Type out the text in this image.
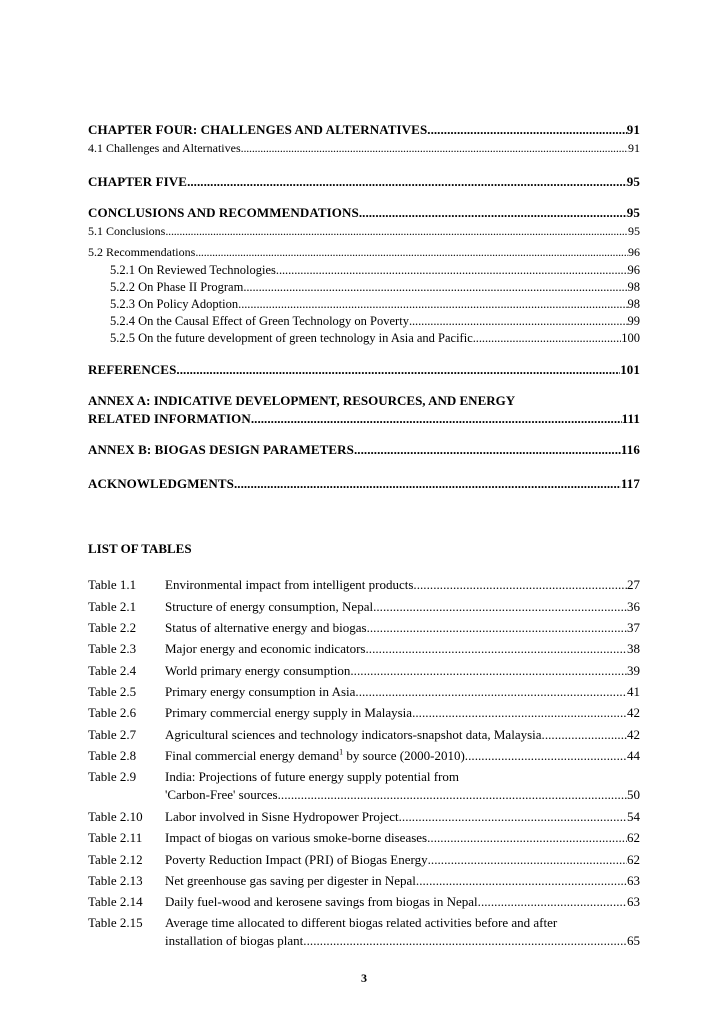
CHAPTER FOUR: CHALLENGES AND ALTERNATIVES . . .	91
4.1 Challenges and Alternatives . . .	91
CHAPTER FIVE . . .	95
CONCLUSIONS AND RECOMMENDATIONS . . .	95
5.1 Conclusions . . .	95
5.2 Recommendations . . .	96
5.2.1 On Reviewed Technologies . . .	96
5.2.2 On Phase II Program . . .	98
5.2.3 On Policy Adoption . . .	98
5.2.4 On the Causal Effect of Green Technology on Poverty . . .	99
5.2.5 On the future development of green technology in Asia and Pacific . . .	100
REFERENCES . . .	101
ANNEX A: INDICATIVE DEVELOPMENT, RESOURCES, AND ENERGY
RELATED INFORMATION . . .	111
ANNEX B: BIOGAS DESIGN PARAMETERS . . .	116
ACKNOWLEDGMENTS . . .	117
LIST OF TABLES
Table 1.1 Environmental impact from intelligent products . . .	27
Table 2.1 Structure of energy consumption, Nepal . . .	36
Table 2.2 Status of alternative energy and biogas . . .	37
Table 2.3 Major energy and economic indicators . . .	38
Table 2.4 World primary energy consumption . . .	39
Table 2.5 Primary energy consumption in Asia . . .	41
Table 2.6 Primary commercial energy supply in Malaysia . . .	42
Table 2.7 Agricultural sciences and technology indicators-snapshot data, Malaysia . . .	42
Table 2.8 Final commercial energy demand$^1$ by source (2000-2010) . . .	44
Table 2.9 India: Projections of future energy supply potential from
'Carbon-Free' sources . . .	50
Table 2.10 Labor involved in Sisne Hydropower Project . . .	54
Table 2.11 Impact of biogas on various smoke-borne diseases . . .	62
Table 2.12 Poverty Reduction Impact (PRI) of Biogas Energy . . .	62
Table 2.13 Net greenhouse gas saving per digester in Nepal . . .	63
Table 2.14 Daily fuel-wood and kerosene savings from biogas in Nepal . . .	63
Table 2.15 Average time allocated to different biogas related activities before and after
installation of biogas plant . . .	65
3
